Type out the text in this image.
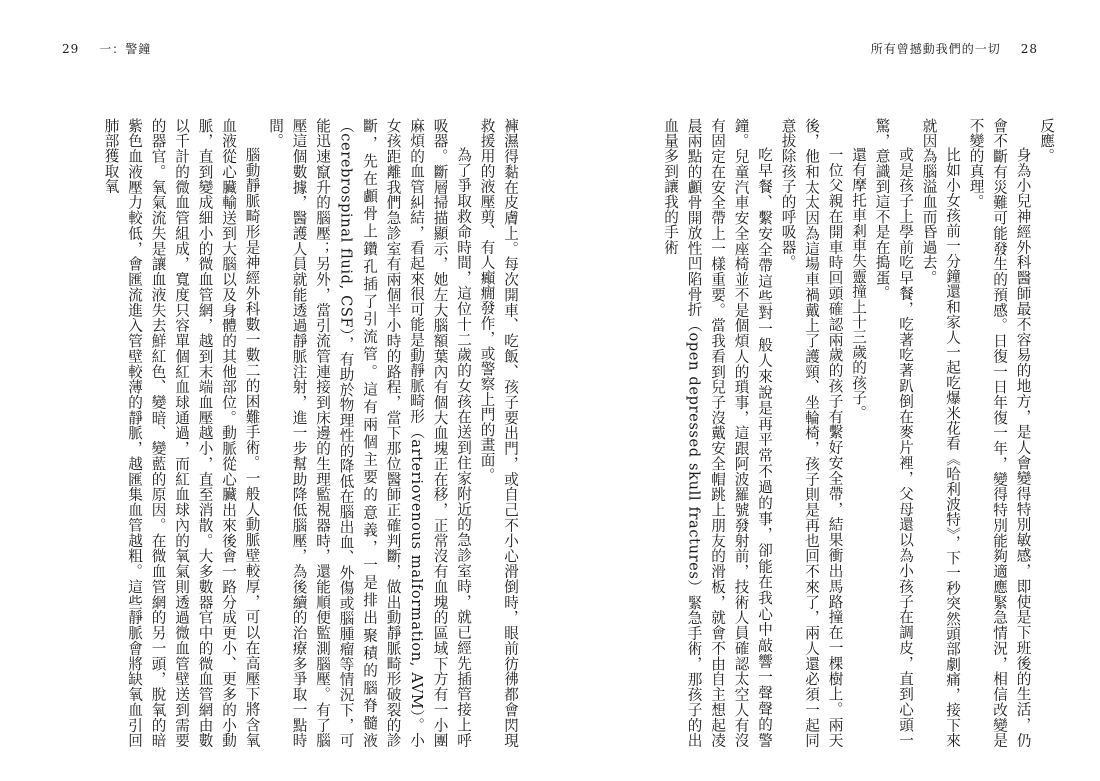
29 一：警鐘

褲濕得黏在皮膚上。每次開車、吃飯、孩子要出門，或自己不小心滑倒時，眼前彷彿都會閃現救援用的液壓剪、有人癲癇發作，或警察上門的畫面。

為了爭取救命時間，這位十二歲的女孩在送到住家附近的急診室時，就已經先插管接上呼吸器。斷層掃描顯示，她左大腦額葉內有個大血塊正在移，正常沒有血塊的區域下方有一小團麻煩的血管糾結，看起來很可能是動靜脈畸形（arteriovenous malformation, AVM）。小女孩距離我們急診室有兩個半小時的路程，當下那位醫師正確判斷，做出動靜脈畸形破裂的診斷，先在顱骨上鑽孔插了引流管。這有兩個主要的意義，一是排出聚積的腦脊髓液（cerebrospinal fluid, CSF），有助於物理性的降低在腦出血、外傷或腦腫瘤等情況下，可能迅速竄升的腦壓；另外，當引流管連接到床邊的生理監視器時，還能順便監測腦壓。有了腦壓這個數據，醫護人員就能透過靜脈注射，進一步幫助降低腦壓，為後續的治療多爭取一點時間。

腦動靜脈畸形是神經外科數一數二的困難手術。一般人動脈壁較厚，可以在高壓下將含氧血液從心臟輸送到大腦以及身體的其他部位。動脈從心臟出來後會一路分成更小、更多的小動脈，直到變成細小的微血管網，越到末端血壓越小，直至消散。大多數器官中的微血管網由數以千計的微血管組成，寬度只容單個紅血球通過，而紅血球內的氧氣則透過微血管壁送到需要的器官。氧氣流失是讓血液失去鮮紅色、變暗、變藍的原因。在微血管網的另一頭，脫氧的暗紫色血液壓力較低，會匯流進入管壁較薄的靜脈，越匯集血管越粗。這些靜脈會將缺氧血引回肺部獲取氧

所有曾撼動我們的一切 28

反應。

身為小兒神經外科醫師最不容易的地方，是人會變得特別敏感，即使是下班後的生活，仍會不斷有災難可能發生的預感。日復一日年復一年，變得特別能夠適應緊急情況，相信改變是不變的真理。

比如小女孩前一分鐘還和家人一起吃爆米花看《哈利波特》，下一秒突然頭部劇痛，接下來就因為腦溢血而昏過去。

或是孩子上學前吃早餐，吃著吃著趴倒在麥片裡，父母還以為小孩子在調皮，直到心頭一驚，意識到這不是在搗蛋。

還有摩托車剎車失靈撞上十三歲的孩子。

一位父親在開車時回頭確認兩歲的孩子有繫好安全帶，結果衝出馬路撞在一棵樹上。兩天後，他和太太因為這場車禍戴上了護頸、坐輪椅，孩子則是再也回不來了，兩人還必須一起同意拔除孩子的呼吸器。

吃早餐、繫安全帶這些對一般人來說是再平常不過的事，卻能在我心中敲響一聲聲的警鐘。兒童汽車安全座椅並不是個煩人的瑣事，這跟阿波羅號發射前，技術人員確認太空人有沒有固定在安全帶上一樣重要。當我看到兒子沒戴安全帽跳上朋友的滑板，就會不由自主想起凌晨兩點的顱骨開放性凹陷骨折（open depressed skull fractures）緊急手術，那孩子的出血量多到讓我的手術
